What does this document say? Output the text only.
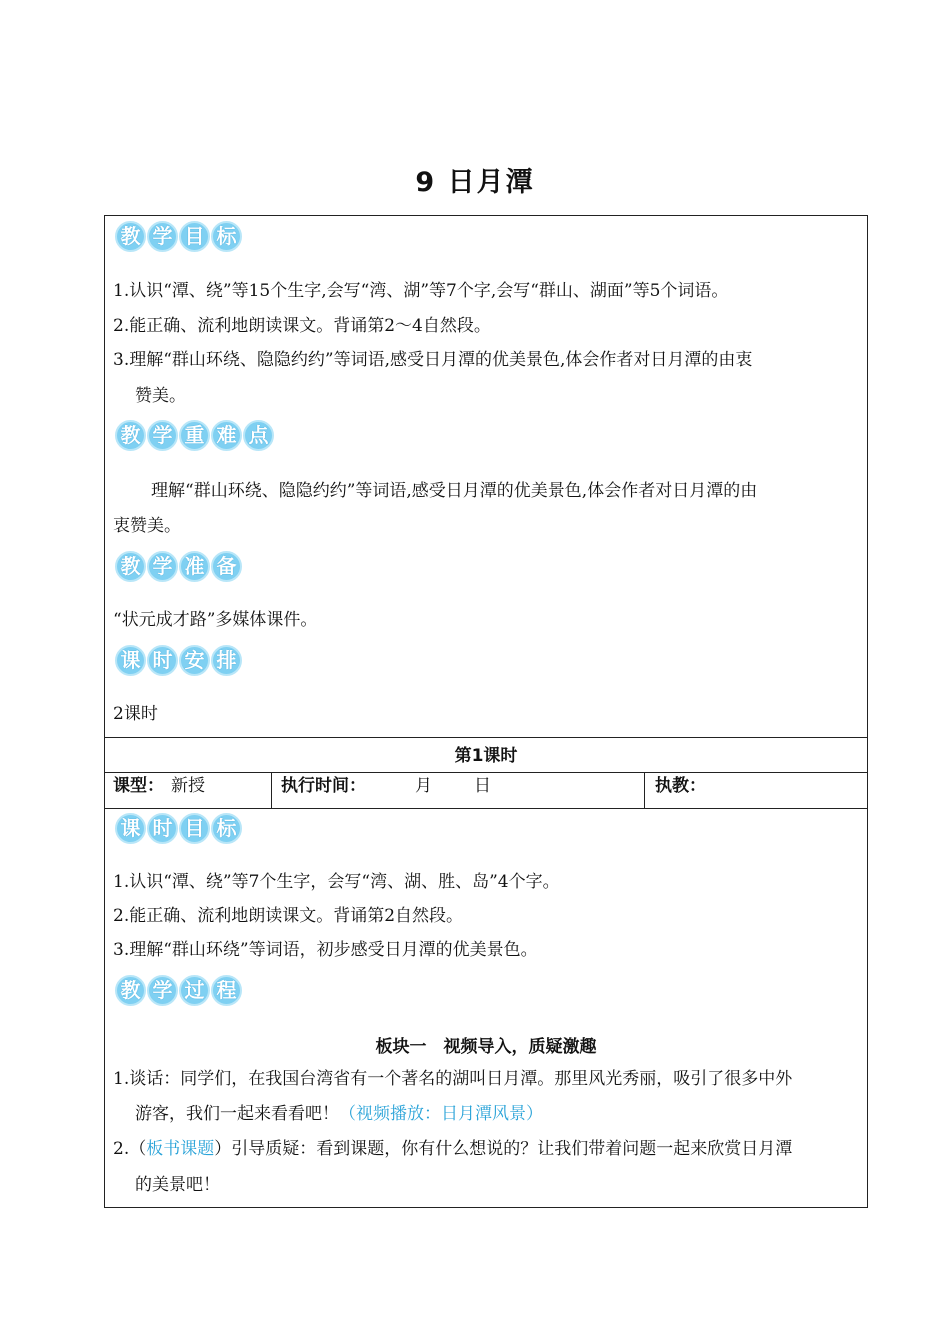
9 日月潭
教 学 目 标
1.认识“潭、绕”等15个生字,会写“湾、湖”等7个字,会写“群山、湖面”等5个词语。
2.能正确、流利地朗读课文。背诵第2～4自然段。
3.理解“群山环绕、隐隐约约”等词语,感受日月潭的优美景色,体会作者对日月潭的由衷
赞美。
教 学 重 难 点
理解“群山环绕、隐隐约约”等词语,感受日月潭的优美景色,体会作者对日月潭的由
衷赞美。
教 学 准 备
“状元成才路”多媒体课件。
课 时 安 排
2课时
第1课时
课型： 新授	执行时间：	月 日	执教：
课 时 目 标
1.认识“潭、绕”等7个生字，会写“湾、湖、胜、岛”4个字。
2.能正确、流利地朗读课文。背诵第2自然段。
3.理解“群山环绕”等词语，初步感受日月潭的优美景色。
教 学 过 程
板块一　视频导入，质疑激趣
1.谈话：同学们，在我国台湾省有一个著名的湖叫日月潭。那里风光秀丽，吸引了很多中外
游客，我们一起来看看吧！（视频播放：日月潭风景）
2.（板书课题）引导质疑：看到课题，你有什么想说的？让我们带着问题一起来欣赏日月潭
的美景吧！
